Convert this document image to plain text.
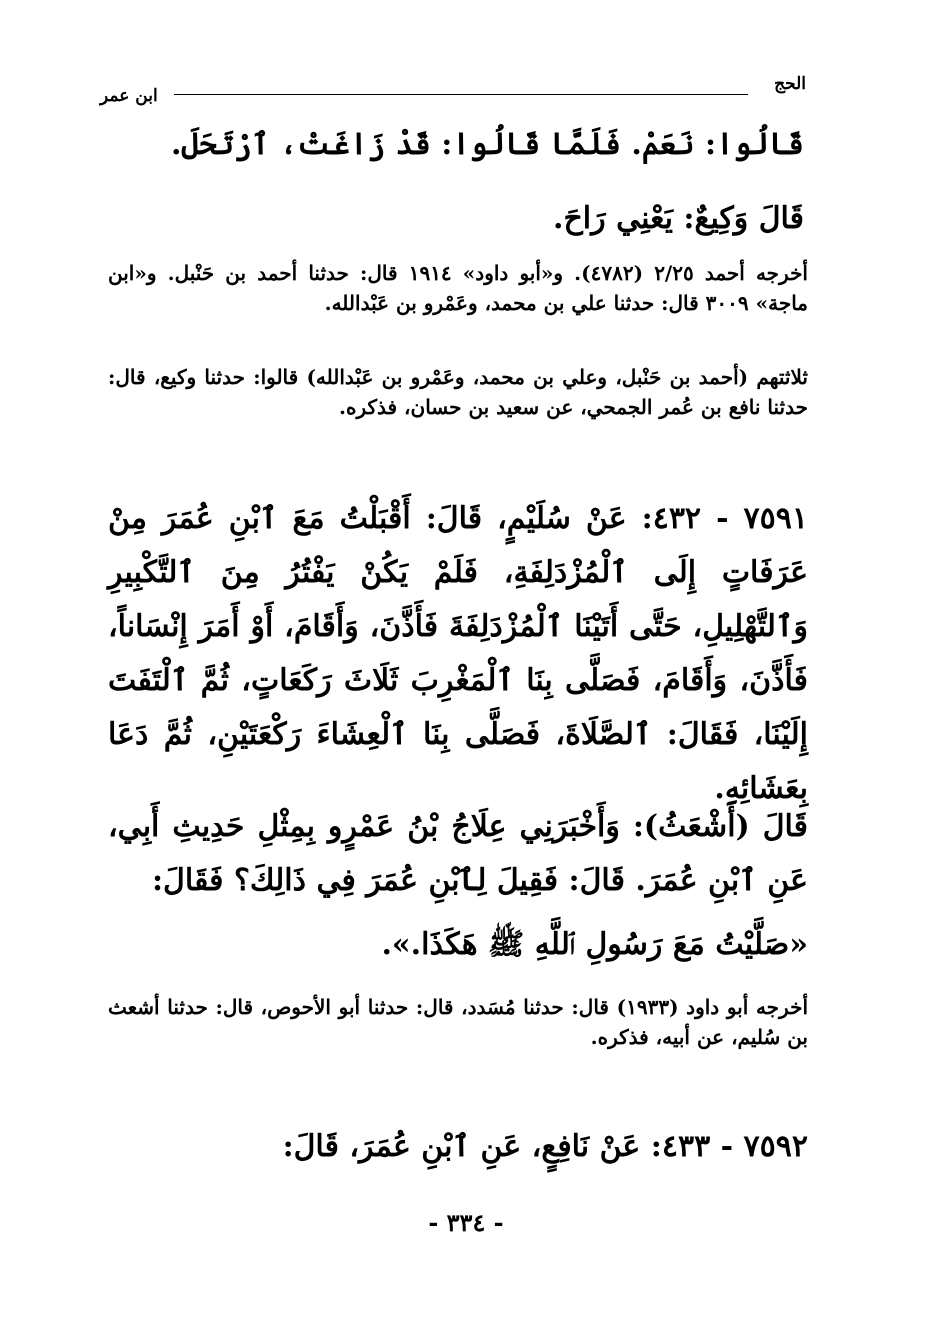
الحج
ابن عمر
قَالُوا: نَعَمْ. فَلَمَّا قَالُوا: قَدْ زَاغَتْ، ٱرْتَحَلَ.
قَالَ وَكِيعٌ: يَعْنِي رَاحَ.
أخرجه أحمد ٢/٢٥ (٤٧٨٢). و«أبو داود» ١٩١٤ قال: حدثنا أحمد بن حَنْبل. و«ابن ماجة» ٣٠٠٩ قال: حدثنا علي بن محمد، وعَمْرو بن عَبْدالله.
ثلاثتهم (أحمد بن حَنْبل، وعلي بن محمد، وعَمْرو بن عَبْدالله) قالوا: حدثنا وكيع، قال: حدثنا نافع بن عُمر الجمحي، عن سعيد بن حسان، فذكره.
٧٥٩١ - ٤٣٢: عَنْ سُلَيْمٍ، قَالَ: أَقْبَلْتُ مَعَ ٱبْنِ عُمَرَ مِنْ عَرَفَاتٍ إِلَى ٱلْمُزْدَلِفَةِ، فَلَمْ يَكُنْ يَفْتُرُ مِنَ ٱلتَّكْبِيرِ وَٱلتَّهْلِيلِ، حَتَّى أَتَيْنَا ٱلْمُزْدَلِفَةَ فَأَذَّنَ، وَأَقَامَ، أَوْ أَمَرَ إِنْسَاناً، فَأَذَّنَ، وَأَقَامَ، فَصَلَّى بِنَا ٱلْمَغْرِبَ ثَلَاثَ رَكَعَاتٍ، ثُمَّ ٱلْتَفَتَ إِلَيْنَا، فَقَالَ: ٱلصَّلَاةَ، فَصَلَّى بِنَا ٱلْعِشَاءَ رَكْعَتَيْنِ، ثُمَّ دَعَا بِعَشَائِهِ.
قَالَ (أَشْعَثُ): وَأَخْبَرَنِي عِلَاجُ بْنُ عَمْرٍو بِمِثْلِ حَدِيثِ أَبِي، عَنِ ٱبْنِ عُمَرَ. قَالَ: فَقِيلَ لِٱبْنِ عُمَرَ فِي ذَالِكَ؟ فَقَالَ:
«صَلَّيْتُ مَعَ رَسُولِ ٱللَّهِ ﷺ هَكَذَا.».
أخرجه أبو داود (١٩٣٣) قال: حدثنا مُسَدد، قال: حدثنا أبو الأحوص، قال: حدثنا أشعث بن سُليم، عن أبيه، فذكره.
٧٥٩٢ - ٤٣٣: عَنْ نَافِعٍ، عَنِ ٱبْنِ عُمَرَ، قَالَ:
- ٣٣٤ -
